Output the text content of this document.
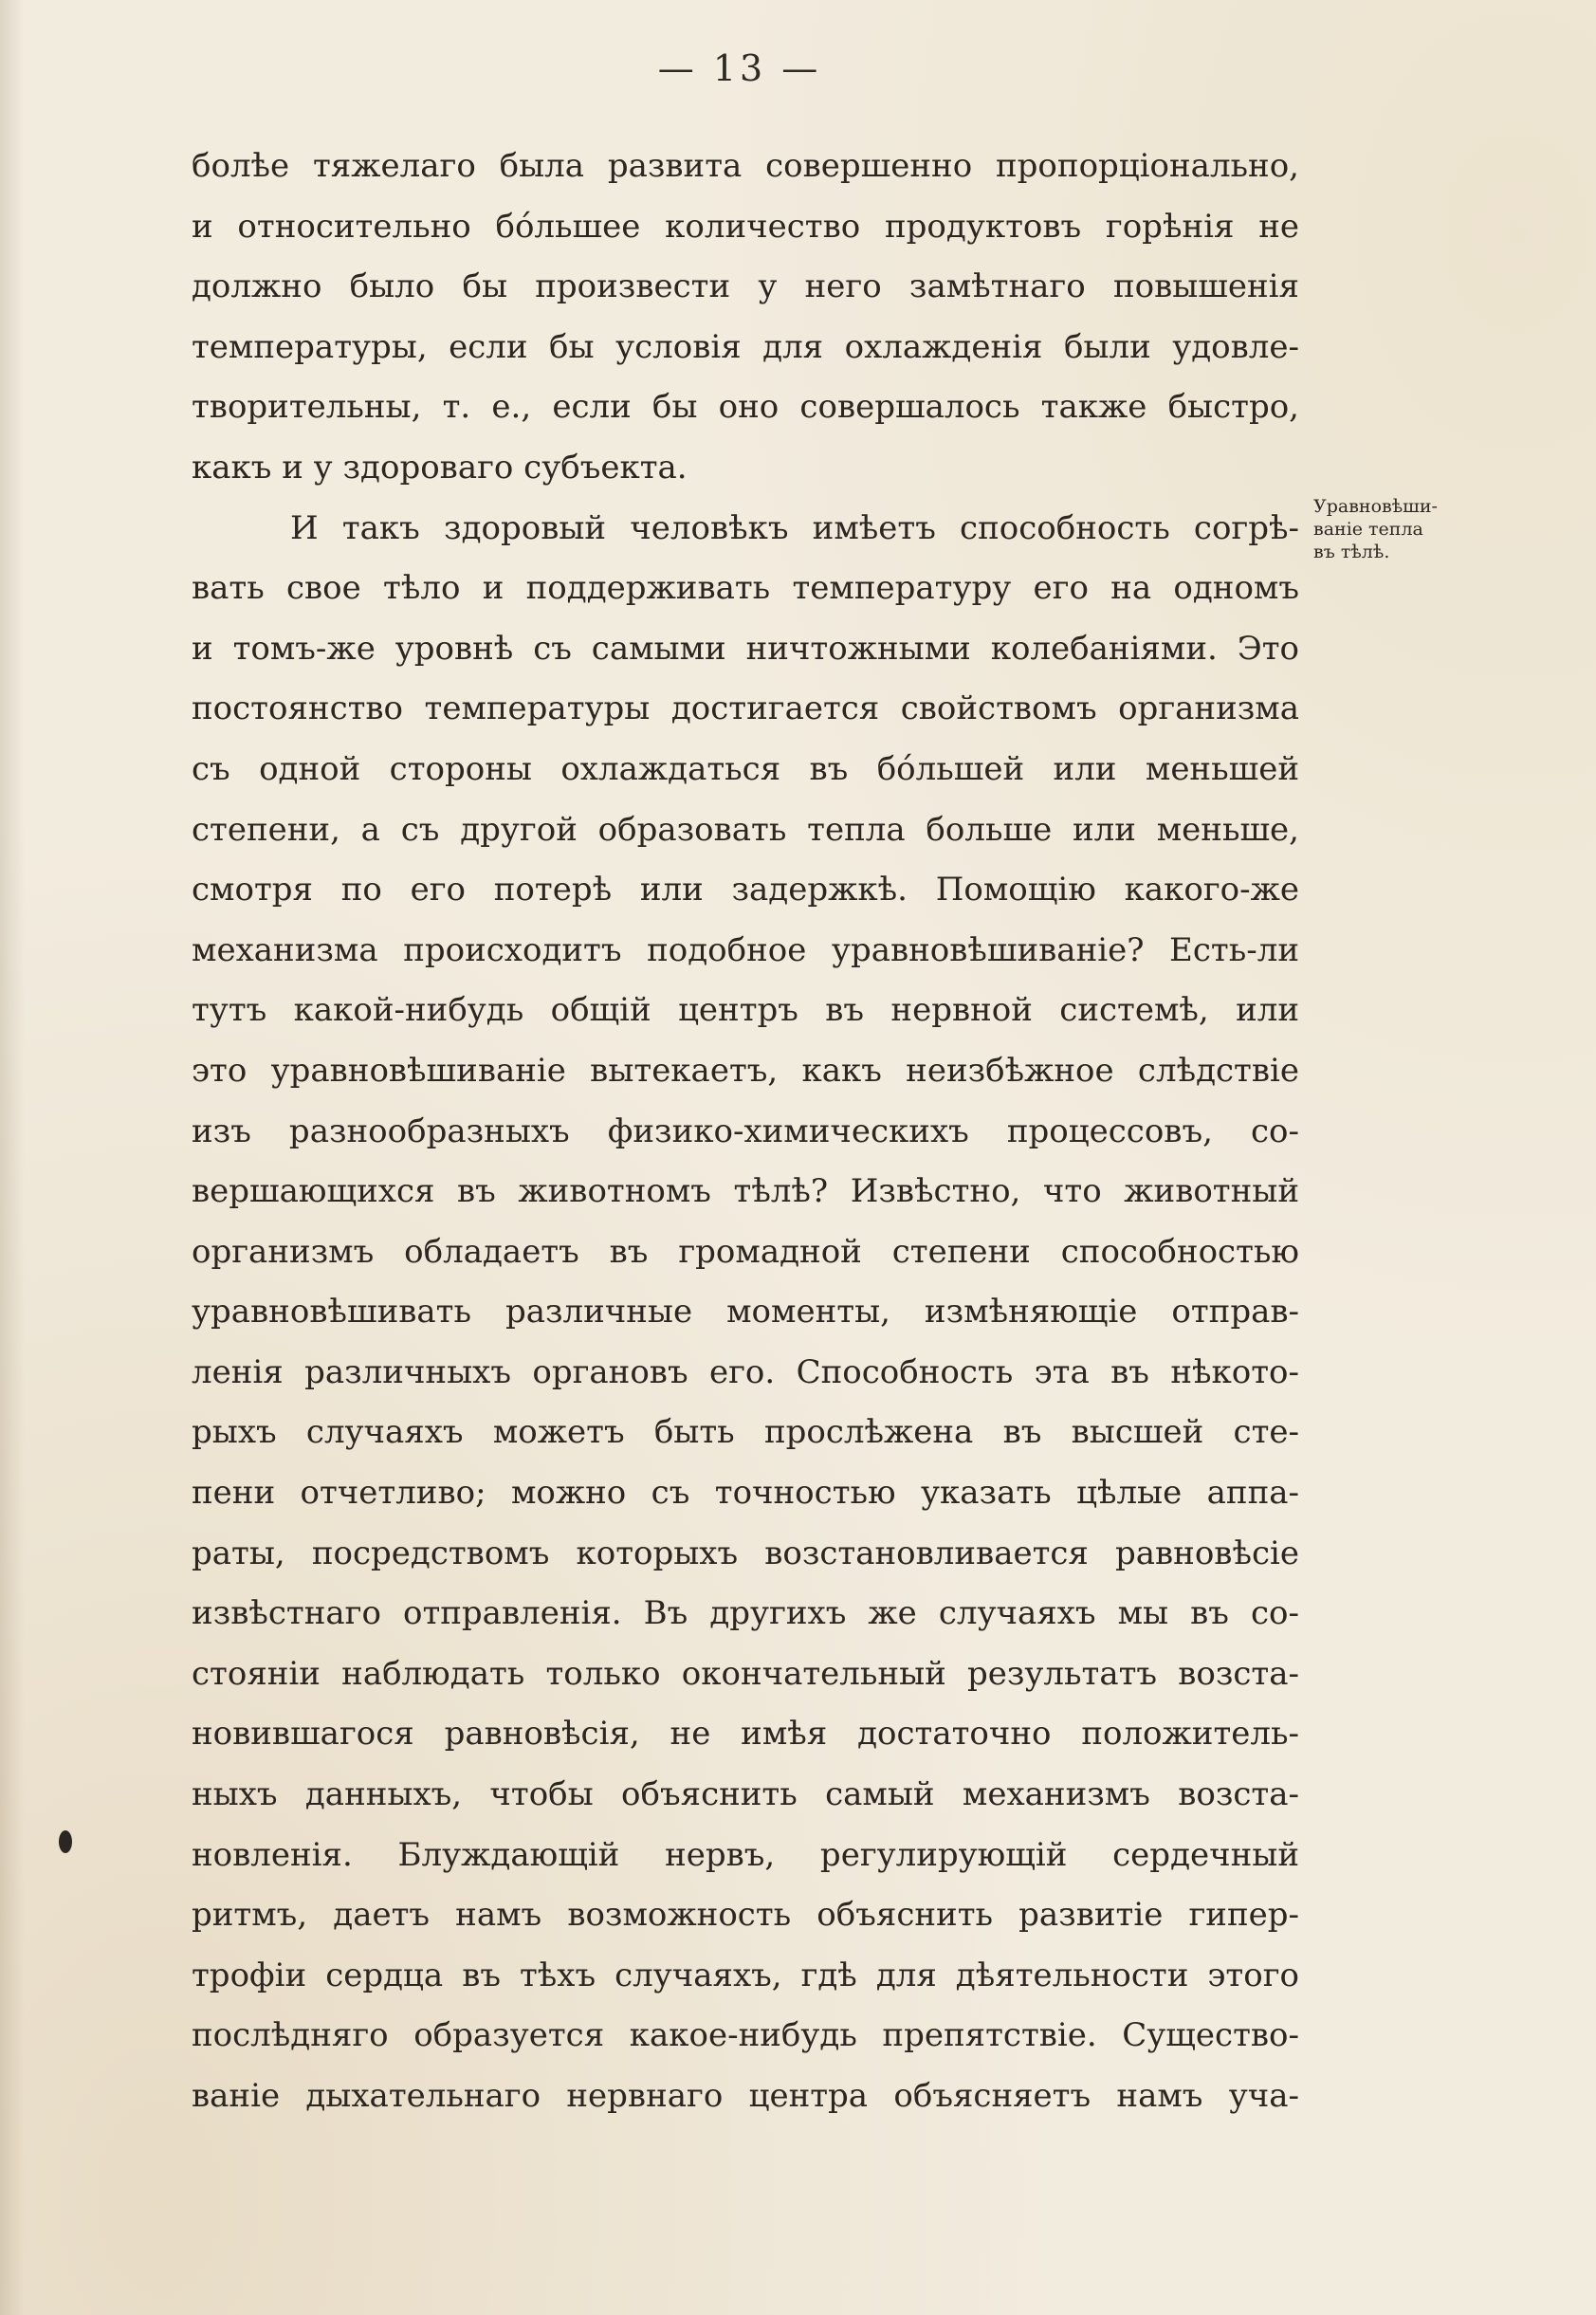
— 13 —
болѣе тяжелаго была развита совершенно пропорціонально,
и относительно бо́льшее количество продуктовъ горѣнія не
должно было бы произвести у него замѣтнаго повышенія
температуры, если бы условія для охлажденія были удовле-
творительны, т. е., если бы оно совершалось также быстро,
какъ и у здороваго субъекта.
И такъ здоровый человѣкъ имѣетъ способность согрѣ-
вать свое тѣло и поддерживать температуру его на одномъ
и томъ-же уровнѣ съ самыми ничтожными колебаніями. Это
постоянство температуры достигается свойствомъ организма
съ одной стороны охлаждаться въ бо́льшей или меньшей
степени, а съ другой образовать тепла больше или меньше,
смотря по его потерѣ или задержкѣ. Помощію какого-же
механизма происходитъ подобное уравновѣшиваніе? Есть-ли
тутъ какой-нибудь общій центръ въ нервной системѣ, или
это уравновѣшиваніе вытекаетъ, какъ неизбѣжное слѣдствіе
изъ разнообразныхъ физико-химическихъ процессовъ, со-
вершающихся въ животномъ тѣлѣ? Извѣстно, что животный
организмъ обладаетъ въ громадной степени способностью
уравновѣшивать различные моменты, измѣняющіе отправ-
ленія различныхъ органовъ его. Способность эта въ нѣкото-
рыхъ случаяхъ можетъ быть прослѣжена въ высшей сте-
пени отчетливо; можно съ точностью указать цѣлые аппа-
раты, посредствомъ которыхъ возстановливается равновѣсіе
извѣстнаго отправленія. Въ другихъ же случаяхъ мы въ со-
стояніи наблюдать только окончательный результатъ возста-
новившагося равновѣсія, не имѣя достаточно положитель-
ныхъ данныхъ, чтобы объяснить самый механизмъ возста-
новленія. Блуждающій нервъ, регулирующій сердечный
ритмъ, даетъ намъ возможность объяснить развитіе гипер-
трофіи сердца въ тѣхъ случаяхъ, гдѣ для дѣятельности этого
послѣдняго образуется какое-нибудь препятствіе. Существо-
ваніе дыхательнаго нервнаго центра объясняетъ намъ уча-
Уравновѣши-
ваніе тепла
въ тѣлѣ.
